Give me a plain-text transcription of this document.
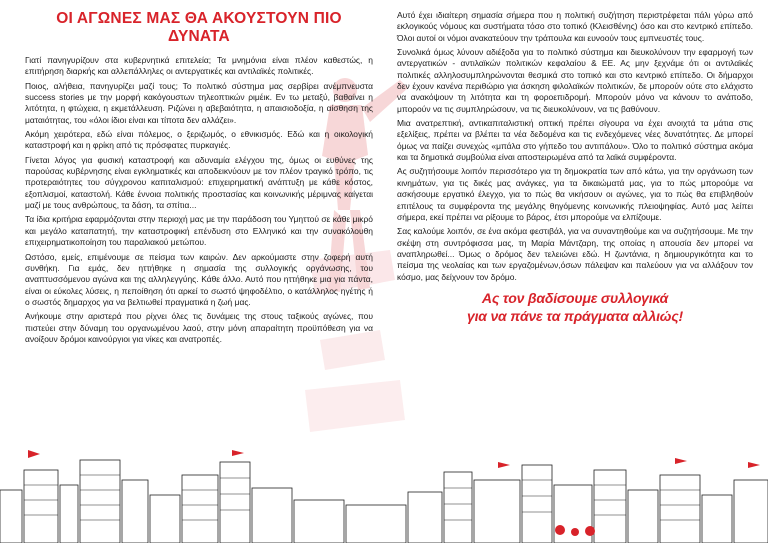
ΟΙ ΑΓΩΝΕΣ ΜΑΣ ΘΑ ΑΚΟΥΣΤΟΥΝ ΠΙΟ ΔΥΝΑΤΑ

Γιατί πανηγυρίζουν στα κυβερνητικά επιτελεία; Τα μνημόνια είναι πλέον καθεστώς, η επιτήρηση διαρκής και αλλεπάλληλες οι αντεργατικές και αντιλαϊκές πολιτικές.

Ποιος, αλήθεια, πανηγυρίζει μαζί τους; Το πολιτικό σύστημα μας σερβίρει ανέμπνευστα success stories με την μορφή κακόγουστων τηλεοπτικών ριμέικ. Εν τω μεταξύ, βαθαίνει η λιτότητα, η φτώχεια, η εκμετάλλευση. Ριζώνει η αβεβαιότητα, η απαισιοδοξία, η αίσθηση της ματαιότητας, του «όλοι ίδιοι είναι και τίποτα δεν αλλάζει».

Ακόμη χειρότερα, εδώ είναι πόλεμος, ο ξεριζωμός, ο εθνικισμός. Εδώ και η οικολογική καταστροφή και η φρίκη από τις πρόσφατες πυρκαγιές.

Γίνεται λόγος για φυσική καταστροφή και αδυναμία ελέγχου της, όμως οι ευθύνες της παρούσας κυβέρνησης είναι εγκληματικές και αποδεικνύουν με τον πλέον τραγικό τρόπο, τις προτεραιότητες του σύγχρονου καπιταλισμού: επιχειρηματική ανάπτυξη με κάθε κόστος, εξοπλισμοί, καταστολή. Κάθε έννοια πολιτικής προστασίας και κοινωνικής μέριμνας καίγεται μαζί με τους ανθρώπους, τα δάση, τα σπίτια...

Τα ίδια κριτήρια εφαρμόζονται στην περιοχή μας με την παράδοση του Υμηττού σε κάθε μικρό και μεγάλο καταπατητή, την καταστροφική επένδυση στο Ελληνικό και την συνακόλουθη επιχειρηματικοποίηση του παραλιακού μετώπου.

Ωστόσο, εμείς, επιμένουμε σε πείσμα των καιρών. Δεν αρκούμαστε στην ζοφερή αυτή συνθήκη. Για εμάς, δεν ηττήθηκε η σημασία της συλλογικής οργάνωσης, του αναπτυσσόμενου αγώνα και της αλληλεγγύης. Κάθε άλλο. Αυτό που ηττήθηκε μια για πάντα, είναι οι εύκολες λύσεις, η πεποίθηση ότι αρκεί το σωστό ψηφοδέλτιο, ο κατάλληλος ηγέτης ή ο σωστός δημαρχος για να βελτιωθεί πραγματικά η ζωή μας.

Ανήκουμε στην αριστερά που ρίχνει όλες τις δυνάμεις της στους ταξικούς αγώνες, που πιστεύει στην δύναμη του οργανωμένου λαού, στην μόνη απαραίτητη προϋπόθεση για να ανοίξουν δρόμοι καινούργιοι για νίκες και ανατροπές.

Αυτό έχει ιδιαίτερη σημασία σήμερα που η πολιτική συζήτηση περιστρέφεται πάλι γύρω από εκλογικούς νόμους και συστήματα τόσο στο τοπικό (Κλεισθένης) όσο και στο κεντρικό επίπεδο. Όλοι αυτοί οι νόμοι ανακατεύουν την τράπουλα και ευνοούν τους εμπνευστές τους.

Συνολικά όμως λύνουν αδιέξοδα για το πολιτικό σύστημα και διευκολύνουν την εφαρμογή των αντεργατικών - αντιλαϊκών πολιτικών κεφαλαίου & ΕΕ. Ας μην ξεχνάμε ότι οι αντιλαϊκές πολιτικές αλληλοσυμπληρώνονται θεσμικά στο τοπικό και στο κεντρικό επίπεδο. Οι δήμαρχοι δεν έχουν κανένα περιθώριο για άσκηση φιλολαϊκών πολιτικών, δε μπορούν ούτε στο ελάχιστο να ανακόψουν τη λιτότητα και τη φοροεπιδρομή. Μπορούν μόνο να κάνουν το ανάποδο, μπορούν να τις συμπληρώσουν, να τις διευκολύνουν, να τις βαθύνουν.

Μια ανατρεπτική, αντικαπιταλιστική οπτική πρέπει σίγουρα να έχει ανοιχτά τα μάτια στις εξελίξεις, πρέπει να βλέπει τα νέα δεδομένα και τις ενδεχόμενες νέες δυνατότητες. Δε μπορεί όμως να παίζει συνεχώς «μπάλα στο γήπεδο του αντιπάλου». Όλο το πολιτικό σύστημα ακόμα και τα δημοτικά συμβούλια είναι αποστειρωμένα από τα λαϊκά συμφέροντα.

Ας συζητήσουμε λοιπόν περισσότερο για τη δημοκρατία των από κάτω, για την οργάνωση των κινημάτων, για τις δικές μας ανάγκες, για τα δικαιώματά μας, για το πώς μπορούμε να ασκήσουμε εργατικό έλεγχο, για το πώς θα νικήσουν οι αγώνες, για το πώς θα επιβληθούν επιτέλους τα συμφέροντα της μεγάλης θηγόμενης κοινωνικής πλειοψηφίας. Αυτό μας λείπει σήμερα, εκεί πρέπει να ρίξουμε το βάρος, έτσι μπορούμε να ελπίζουμε.

Σας καλούμε λοιπόν, σε ένα ακόμα φεστιβάλ, για να συναντηθούμε και να συζητήσουμε. Με την σκέψη στη συντρόφισσα μας, τη Μαρία Μάντζαρη, της οποίας η απουσία δεν μπορεί να αναπληρωθεί... Όμως ο δρόμος δεν τελειώνει εδώ. Η ζωντάνια, η δημιουργικότητα και το πείσμα της νεολαίας και των εργαζομένων,όσων πάλεψαν και παλεύουν για να αλλάξουν τον κόσμο, μας δείχνουν τον δρόμο.

Ας τον βαδίσουμε συλλογικά
για να πάνε τα πράγματα αλλιώς!
